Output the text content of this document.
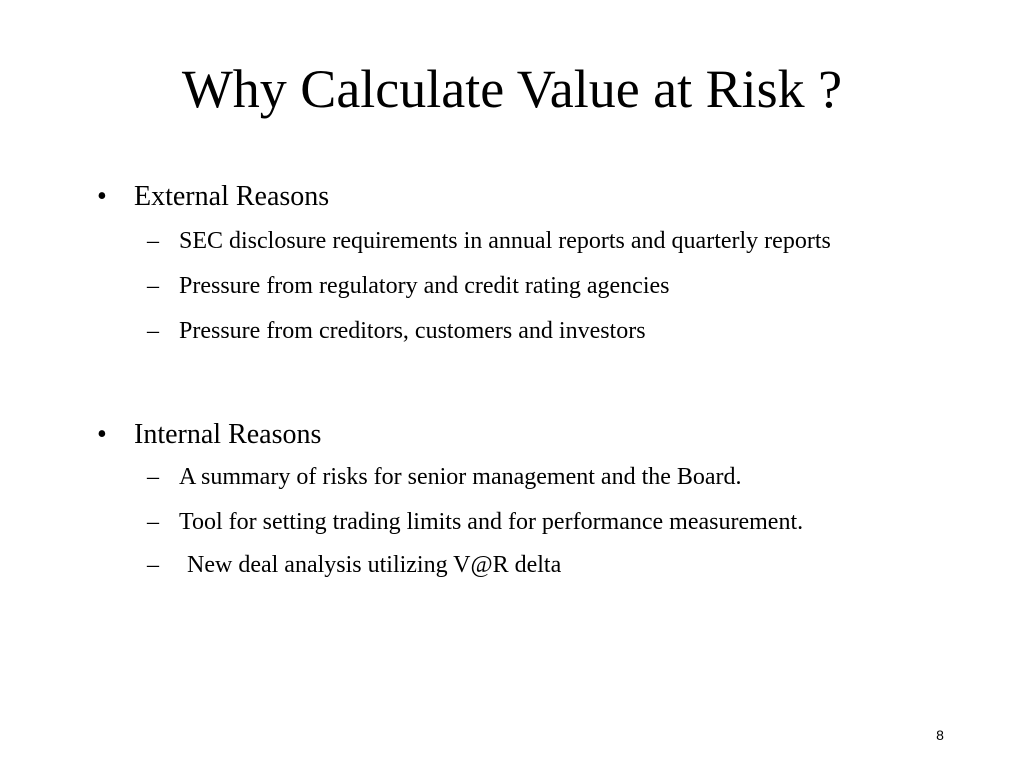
Why Calculate Value at Risk ?
• External Reasons
– SEC disclosure requirements in annual reports and quarterly reports
– Pressure from regulatory and credit rating agencies
– Pressure from creditors, customers and investors
• Internal Reasons
– A summary of risks for senior management and the Board.
– Tool for setting trading limits and for performance measurement.
– New deal analysis utilizing V@R delta
8
